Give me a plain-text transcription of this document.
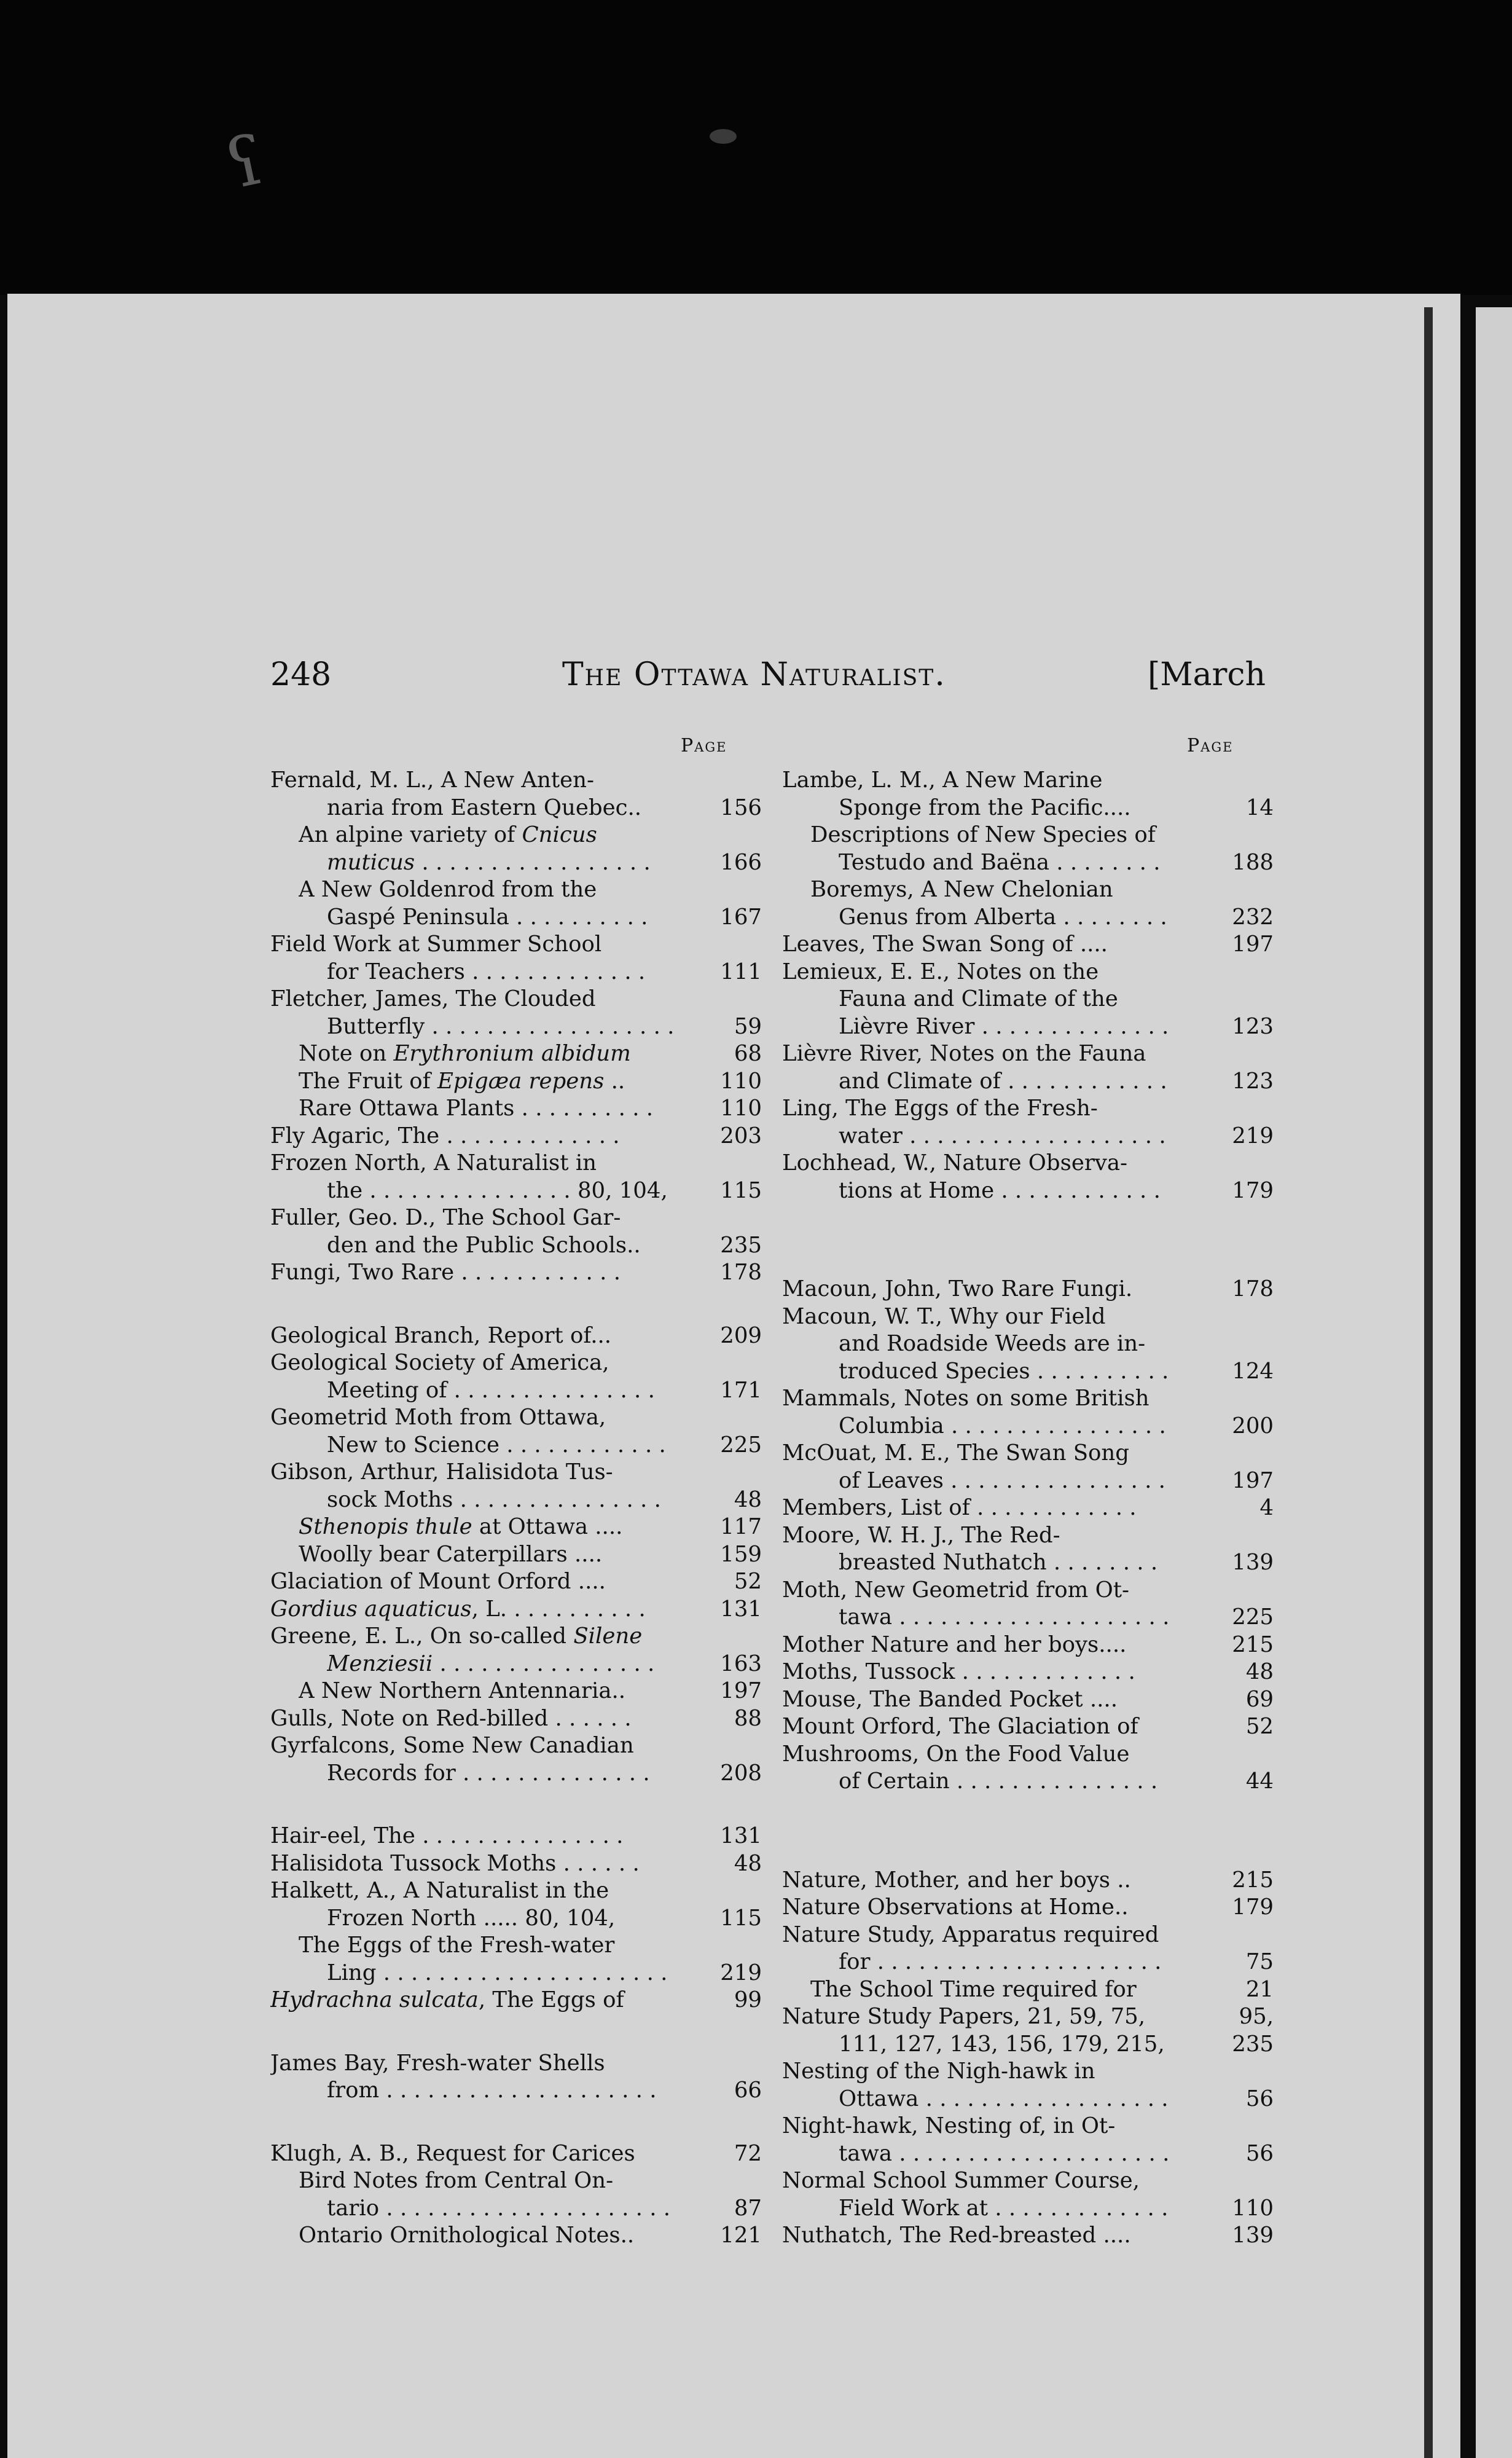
ʕ
248	The Ottawa Naturalist.	[March
Page	Page
Fernald, M. L., A New Anten-
naria from Eastern Quebec..	156
An alpine variety of Cnicus
muticus . . . . . . . . . . . . . . . . .	166
A New Goldenrod from the
Gaspé Peninsula . . . . . . . . . .	167
Field Work at Summer School
for Teachers . . . . . . . . . . . . .	111
Fletcher, James, The Clouded
Butterfly . . . . . . . . . . . . . . . . . .	59
Note on Erythronium albidum	68
The Fruit of Epigæa repens ..	110
Rare Ottawa Plants . . . . . . . . . .	110
Fly Agaric, The . . . . . . . . . . . . .	203
Frozen North, A Naturalist in
the . . . . . . . . . . . . . . . 80, 104,	115
Fuller, Geo. D., The School Gar-
den and the Public Schools..	235
Fungi, Two Rare . . . . . . . . . . . .	178
Geological Branch, Report of...	209
Geological Society of America,
Meeting of . . . . . . . . . . . . . . .	171
Geometrid Moth from Ottawa,
New to Science . . . . . . . . . . . .	225
Gibson, Arthur, Halisidota Tus-
sock Moths . . . . . . . . . . . . . . .	48
Sthenopis thule at Ottawa ....	117
Woolly bear Caterpillars ....	159
Glaciation of Mount Orford ....	52
Gordius aquaticus, L. . . . . . . . . . .	131
Greene, E. L., On so-called Silene
Menziesii . . . . . . . . . . . . . . . .	163
A New Northern Antennaria..	197
Gulls, Note on Red-billed . . . . . .	88
Gyrfalcons, Some New Canadian
Records for . . . . . . . . . . . . . .	208
Hair-eel, The . . . . . . . . . . . . . . .	131
Halisidota Tussock Moths . . . . . .	48
Halkett, A., A Naturalist in the
Frozen North ..... 80, 104,	115
The Eggs of the Fresh-water
Ling . . . . . . . . . . . . . . . . . . . . .	219
Hydrachna sulcata, The Eggs of	99
James Bay, Fresh-water Shells
from . . . . . . . . . . . . . . . . . . . .	66
Klugh, A. B., Request for Carices	72
Bird Notes from Central On-
tario . . . . . . . . . . . . . . . . . . . . .	87
Ontario Ornithological Notes..	121
Lambe, L. M., A New Marine
Sponge from the Pacific....	14
Descriptions of New Species of
Testudo and Baëna . . . . . . . .	188
Boremys, A New Chelonian
Genus from Alberta . . . . . . . .	232
Leaves, The Swan Song of ....	197
Lemieux, E. E., Notes on the
Fauna and Climate of the
Lièvre River . . . . . . . . . . . . . .	123
Lièvre River, Notes on the Fauna
and Climate of . . . . . . . . . . . .	123
Ling, The Eggs of the Fresh-
water . . . . . . . . . . . . . . . . . . .	219
Lochhead, W., Nature Observa-
tions at Home . . . . . . . . . . . .	179
Macoun, John, Two Rare Fungi.	178
Macoun, W. T., Why our Field
and Roadside Weeds are in-
troduced Species . . . . . . . . . .	124
Mammals, Notes on some British
Columbia . . . . . . . . . . . . . . . .	200
McOuat, M. E., The Swan Song
of Leaves . . . . . . . . . . . . . . . .	197
Members, List of . . . . . . . . . . . .	4
Moore, W. H. J., The Red-
breasted Nuthatch . . . . . . . .	139
Moth, New Geometrid from Ot-
tawa . . . . . . . . . . . . . . . . . . . .	225
Mother Nature and her boys....	215
Moths, Tussock . . . . . . . . . . . . .	48
Mouse, The Banded Pocket ....	69
Mount Orford, The Glaciation of	52
Mushrooms, On the Food Value
of Certain . . . . . . . . . . . . . . .	44
Nature, Mother, and her boys ..	215
Nature Observations at Home..	179
Nature Study, Apparatus required
for . . . . . . . . . . . . . . . . . . . . .	75
The School Time required for	21
Nature Study Papers, 21, 59, 75,	95,
111, 127, 143, 156, 179, 215,	235
Nesting of the Nigh-hawk in
Ottawa . . . . . . . . . . . . . . . . . .	56
Night-hawk, Nesting of, in Ot-
tawa . . . . . . . . . . . . . . . . . . . .	56
Normal School Summer Course,
Field Work at . . . . . . . . . . . . .	110
Nuthatch, The Red-breasted ....	139
